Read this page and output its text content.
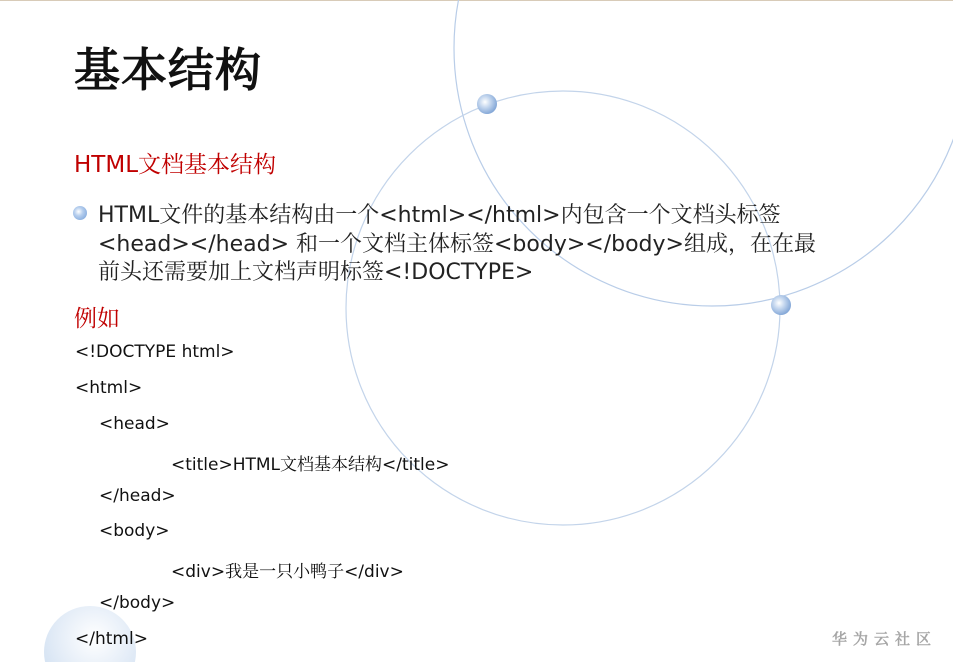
基本结构
HTML文档基本结构
HTML文件的基本结构由一个<html></html>内包含一个文档头标签
<head></head> 和一个文档主体标签<body></body>组成，在在最
前头还需要加上文档声明标签<!DOCTYPE>
例如
<!DOCTYPE html>
<html>
<head>
<title>HTML文档基本结构</title>
</head>
<body>
<div>我是一只小鸭子</div>
</body>
</html>	华为云社区
